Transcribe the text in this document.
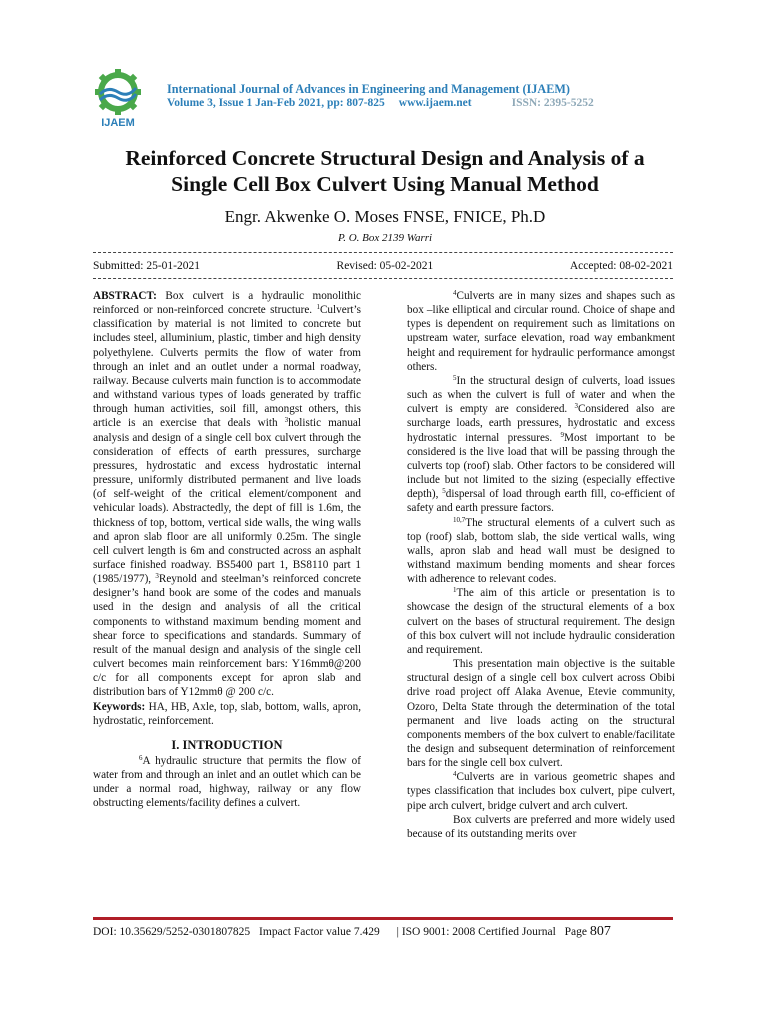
IJAEM
International Journal of Advances in Engineering and Management (IJAEM)
Volume 3, Issue 1 Jan-Feb 2021, pp: 807-825 www.ijaem.net	ISSN: 2395-5252
Reinforced Concrete Structural Design and Analysis of a
Single Cell Box Culvert Using Manual Method
Engr. Akwenke O. Moses FNSE, FNICE, Ph.D
P. O. Box 2139 Warri
Submitted: 25-01-2021	Revised: 05-02-2021	Accepted: 08-02-2021

ABSTRACT: Box culvert is a hydraulic monolithic reinforced or non-reinforced concrete structure. $^1$Culvert’s classification by material is not limited to concrete but includes steel, alluminium, plastic, timber and high density polyethylene. Culverts permits the flow of water from through an inlet and an outlet under a normal roadway, railway. Because culverts main function is to accommodate and withstand various types of loads generated by traffic through human activities, soil fill, amongst others, this article is an exercise that deals with $^3$holistic manual analysis and design of a single cell box culvert through the consideration of effects of earth pressures, surcharge pressures, hydrostatic and excess hydrostatic internal pressure, uniformly distributed permanent and live loads (of self-weight of the critical element/component and vehicular loads). Abstractedly, the dept of fill is 1.6m, the thickness of top, bottom, vertical side walls, the wing walls and apron slab floor are all uniformly 0.25m. The single cell culvert length is 6m and constructed across an asphalt surface finished roadway. BS5400 part 1, BS8110 part 1 (1985/1977), $^3$Reynold and steelman’s reinforced concrete designer’s hand book are some of the codes and manuals used in the design and analysis of all the critical components to withstand maximum bending moment and shear force to specifications and standards. Summary of result of the manual design and analysis of the single cell culvert becomes main reinforcement bars: Y16mmθ@200 c/c for all components except for apron slab and distribution bars of Y12mmθ @ 200 c/c.

Keywords: HA, HB, Axle, top, slab, bottom, walls, apron, hydrostatic, reinforcement.

I. INTRODUCTION

$^6$A hydraulic structure that permits the flow of water from and through an inlet and an outlet which can be under a normal road, highway, railway or any flow obstructing elements/facility defines a culvert.

$^4$Culverts are in many sizes and shapes such as box –like elliptical and circular round. Choice of shape and types is dependent on requirement such as limitations on upstream water, surface elevation, road way embankment height and requirement for hydraulic performance amongst others.

$^5$In the structural design of culverts, load issues such as when the culvert is full of water and when the culvert is empty are considered. $^3$Considered also are surcharge loads, earth pressures, hydrostatic and excess hydrostatic internal pressures. $^9$Most important to be considered is the live load that will be passing through the culverts top (roof) slab. Other factors to be considered will include but not limited to the sizing (especially effective depth), $^5$dispersal of load through earth fill, co-efficient of safety and earth pressure factors.

$^{10,7}$The structural elements of a culvert such as top (roof) slab, bottom slab, the side vertical walls, wing walls, apron slab and head wall must be designed to withstand maximum bending moments and shear forces with adherence to relevant codes.

$^1$The aim of this article or presentation is to showcase the design of the structural elements of a box culvert on the bases of structural requirement. The design of this box culvert will not include hydraulic consideration and requirement.

This presentation main objective is the suitable structural design of a single cell box culvert across Obibi drive road project off Alaka Avenue, Etevie community, Ozoro, Delta State through the determination of the total permanent and live loads acting on the structural components members of the box culvert to enable/facilitate the design and subsequent determination of reinforcement bars for the single cell box culvert.

$^4$Culverts are in various geometric shapes and types classification that includes box culvert, pipe culvert, pipe arch culvert, bridge culvert and arch culvert.

Box culverts are preferred and more widely used because of its outstanding merits over

DOI: 10.35629/5252-0301807825 Impact Factor value 7.429 | ISO 9001: 2008 Certified Journal Page 807
